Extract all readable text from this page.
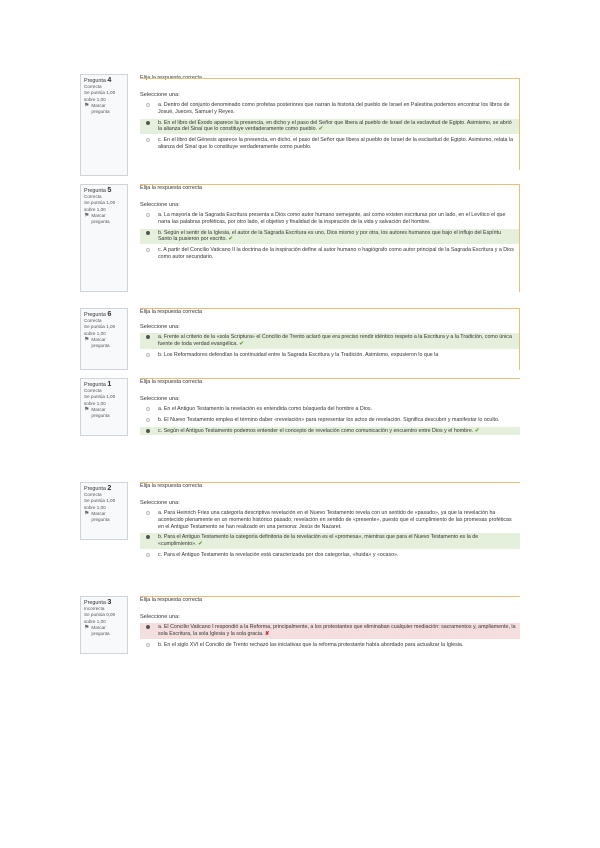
Pregunta 4
Correcta
Se puntúa 1,00 sobre 1,00
⚑ Marcar pregunta
Seleccione una:
a. Dentro del conjunto denominado como profetas posteriores que narran la historia del pueblo de Israel en Palestina podemos encontrar los libros de Josué, Jueces, Samuel y Reyes.
b. En el libro del Éxodo aparece la presencia, en dicho y el paso del Señor que libera al pueblo de Israel de la esclavitud de Egipto. Asimismo, se abrió la alianza del Sinaí que lo constituye verdaderamente como pueblo. ✔
c. En el libro del Génesis aparece la presencia, en dicho, el paso del Señor que libera al pueblo de Israel de la esclavitud de Egipto. Asimismo, relata la alianza del Sinaí que lo constituye verdaderamente como pueblo.
Pregunta 5
Correcta
Se puntúa 1,00 sobre 1,00
⚑ Marcar pregunta
Elija la respuesta correcta
Seleccione una:
a. La mayoría de la Sagrada Escritura presenta a Dios como autor humano semejante, así como existen escrituras por un lado, en el Levítico el que narra las palabras proféticas, por otro lado, el objetivo y finalidad de la inspiración de la vida y salvación del hombre.
b. Según el sentir de la Iglesia, el autor de la Sagrada Escritura es uno, Dios mismo y por otra, los autores humanos que bajo el influjo del Espíritu Santo la pusieron por escrito. ✔
c. A partir del Concilio Vaticano II la doctrina de la inspiración define al autor humano o hagiógrafo como autor principal de la Sagrada Escritura y a Dios como autor secundario.
Pregunta 6
Correcta
Se puntúa 1,00 sobre 1,00
⚑ Marcar pregunta
Elija la respuesta correcta
Seleccione una:
a. Frente al criterio de la «sola Scriptura» el Concilio de Trento aclaró que era preciso rendir idéntico respeto a la Escritura y a la Tradición, como única fuente de toda verdad evangélica. ✔
b. Los Reformadores defendían la continuidad entre la Sagrada Escritura y la Tradición. Asimismo, expusieron lo que la
Pregunta 1
Correcta
Se puntúa 1,00 sobre 1,00
⚑ Marcar pregunta
Elija la respuesta correcta
Seleccione una:
a. En el Antiguo Testamento la revelación es entendida como búsqueda del hombre a Dios.
b. El Nuevo Testamento emplea el término daber «revelación» para representar los actos de revelación. Significa descubrir y manifestar lo oculto.
c. Según el Antiguo Testamento podemos entender el concepto de revelación como comunicación y encuentro entre Dios y el hombre. ✔
Pregunta 2
Correcta
Se puntúa 1,00 sobre 1,00
⚑ Marcar pregunta
Elija la respuesta correcta
Seleccione una:
a. Para Heinrich Fries una categoría descriptiva revelación en el Nuevo Testamento revela con un sentido de «pasado», ya que la revelación ha acontecido plenamente en un momento histórico pasado; revelación en sentido de «presente», puesto que el cumplimiento de las promesas proféticas en el Antiguo Testamento se han realizado en una persona: Jesús de Nazaret.
b. Para el Antiguo Testamento la categoría definitoria de la revelación es el «promesa», mientras que para el Nuevo Testamento es la de «cumplimiento». ✔
c. Para el Antiguo Testamento la revelación está caracterizada por dos categorías, «huida» y «ocaso».
Pregunta 3
Incorrecta
Se puntúa 0,00 sobre 1,00
⚑ Marcar pregunta
Elija la respuesta correcta
Seleccione una:
a. El Concilio Vaticano I respondió a la Reforma, principalmente, a los protestantes que eliminaban cualquier mediación: sacramentos y, ampliamente, la sola Escritura, la sola Iglesia y la sola gracia. ✘
b. En el siglo XVI el Concilio de Trento rechazó las iniciativas que la reforma protestante había abordado para actualizar la Iglesia.
